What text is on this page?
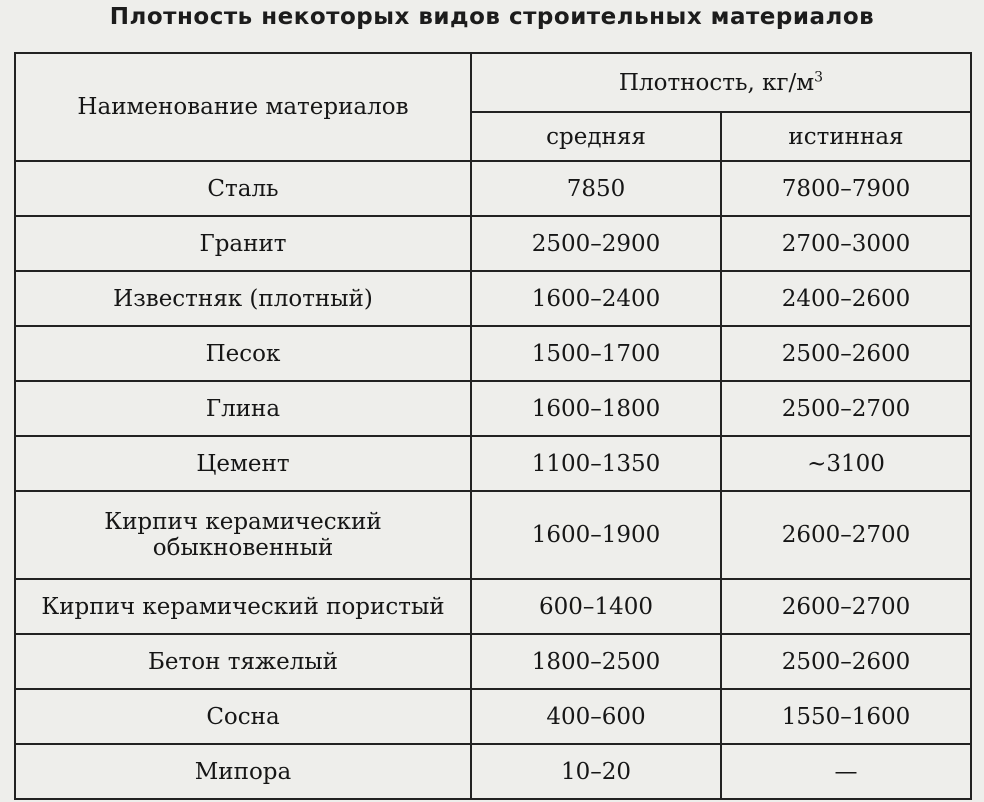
Плотность некоторых видов строительных материалов
Наименование материалов	Плотность, $кг/м^3$
	средняя	истинная
Сталь	7850	7800–7900
Гранит	2500–2900	2700–3000
Известняк (плотный)	1600–2400	2400–2600
Песок	1500–1700	2500–2600
Глина	1600–1800	2500–2700
Цемент	1100–1350	~3100

Кирпич керамический
обыкновенный	1600–1900	2600–2700
Кирпич керамический пористый	600–1400	2600–2700
Бетон тяжелый	1800–2500	2500–2600
Сосна	400–600	1550–1600
Мипора	10–20	—
